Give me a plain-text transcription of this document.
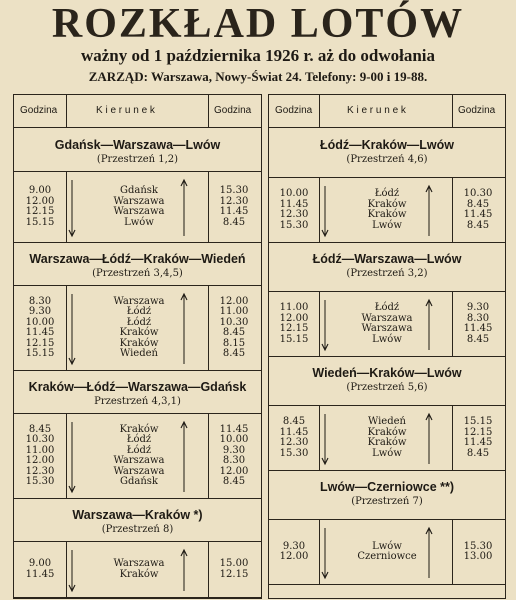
ROZKŁAD LOTÓW
ważny od 1 października 1926 r. aż do odwołania
ZARZĄD: Warszawa, Nowy-Świat 24. Telefony: 9-00 i 19-88.
Godzina	K i e r u n e k	Godzina
Gdańsk—Warszawa—Lwów
(Przestrzeń 1,2)
9.00	Gdańsk	15.30
12.00	Warszawa	12.30
12.15	Warszawa	11.45
15.15	Lwów	8.45
Warszawa—Łódź—Kraków—Wiedeń
(Przestrzeń 3,4,5)
8.30	Warszawa	12.00
9.30	Łódź	11.00
10.00	Łódź	10.30
11.45	Kraków	8.45
12.15	Kraków	8.15
15.15	Wiedeń	8.45
Kraków—Łódź—Warszawa—Gdańsk
Przestrzeń 4,3,1)
8.45	Kraków	11.45
10.30	Łódź	10.00
11.00	Łódź	9.30
12.00	Warszawa	8.30
12.30	Warszawa	12.00
15.30	Gdańsk	8.45
Warszawa—Kraków *)
(Przestrzeń 8)
9.00	Warszawa	15.00
11.45	Kraków	12.15
Godzina	K i e r u n e k	Godzina
Łódź—Kraków—Lwów
(Przestrzeń 4,6)
10.00	Łódź	10.30
11.45	Kraków	8.45
12.30	Kraków	11.45
15.30	Lwów	8.45
Łódź—Warszawa—Lwów
(Przestrzeń 3,2)
11.00	Łódź	9.30
12.00	Warszawa	8.30
12.15	Warszawa	11.45
15.15	Lwów	8.45
Wiedeń—Kraków—Lwów
(Przestrzeń 5,6)
8.45	Wiedeń	15.15
11.45	Kraków	12.15
12.30	Kraków	11.45
15.30	Lwów	8.45
Lwów—Czerniowce **)
(Przestrzeń 7)
9.30	Lwów	15.30
12.00	Czerniowce	13.00
